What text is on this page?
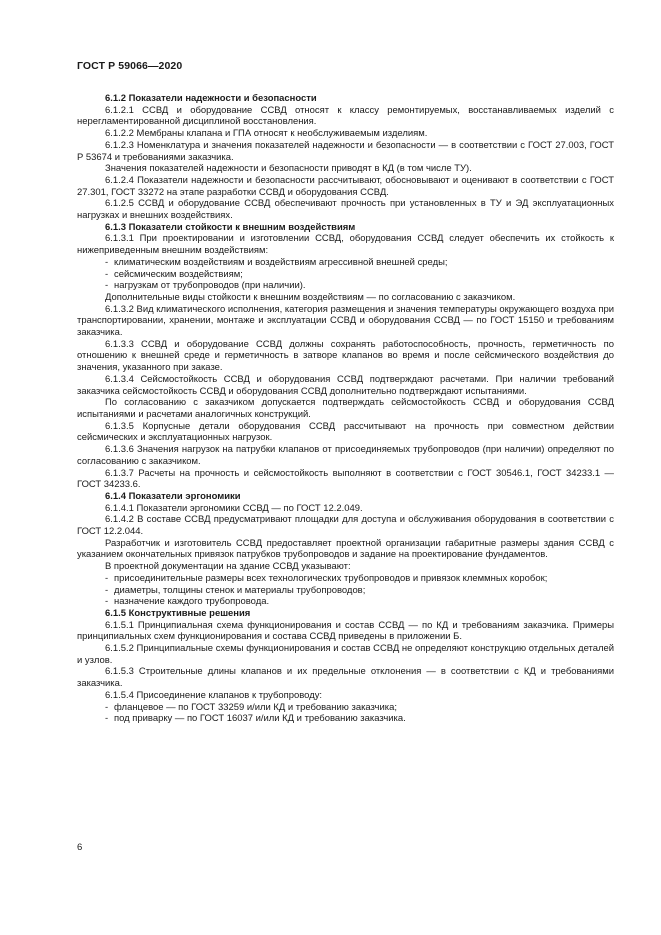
ГОСТ Р 59066—2020

6.1.2 Показатели надежности и безопасности

6.1.2.1 ССВД и оборудование ССВД относят к классу ремонтируемых, восстанавливаемых изделий с нерегламентированной дисциплиной восстановления.

6.1.2.2 Мембраны клапана и ГПА относят к необслуживаемым изделиям.

6.1.2.3 Номенклатура и значения показателей надежности и безопасности — в соответствии с ГОСТ 27.003, ГОСТ Р 53674 и требованиями заказчика.

Значения показателей надежности и безопасности приводят в КД (в том числе ТУ).

6.1.2.4 Показатели надежности и безопасности рассчитывают, обосновывают и оценивают в соответствии с ГОСТ 27.301, ГОСТ 33272 на этапе разработки ССВД и оборудования ССВД.

6.1.2.5 ССВД и оборудование ССВД обеспечивают прочность при установленных в ТУ и ЭД эксплуатационных нагрузках и внешних воздействиях.

6.1.3 Показатели стойкости к внешним воздействиям

6.1.3.1 При проектировании и изготовлении ССВД, оборудования ССВД следует обеспечить их стойкость к нижеприведенным внешним воздействиям:

- климатическим воздействиям и воздействиям агрессивной внешней среды;

- сейсмическим воздействиям;

- нагрузкам от трубопроводов (при наличии).

Дополнительные виды стойкости к внешним воздействиям — по согласованию с заказчиком.

6.1.3.2 Вид климатического исполнения, категория размещения и значения температуры окружающего воздуха при транспортировании, хранении, монтаже и эксплуатации ССВД и оборудования ССВД — по ГОСТ 15150 и требованиям заказчика.

6.1.3.3 ССВД и оборудование ССВД должны сохранять работоспособность, прочность, герметичность по отношению к внешней среде и герметичность в затворе клапанов во время и после сейсмического воздействия до значения, указанного при заказе.

6.1.3.4 Сейсмостойкость ССВД и оборудования ССВД подтверждают расчетами. При наличии требований заказчика сейсмостойкость ССВД и оборудования ССВД дополнительно подтверждают испытаниями.

По согласованию с заказчиком допускается подтверждать сейсмостойкость ССВД и оборудования ССВД испытаниями и расчетами аналогичных конструкций.

6.1.3.5 Корпусные детали оборудования ССВД рассчитывают на прочность при совместном действии сейсмических и эксплуатационных нагрузок.

6.1.3.6 Значения нагрузок на патрубки клапанов от присоединяемых трубопроводов (при наличии) определяют по согласованию с заказчиком.

6.1.3.7 Расчеты на прочность и сейсмостойкость выполняют в соответствии с ГОСТ 30546.1, ГОСТ 34233.1 — ГОСТ 34233.6.

6.1.4 Показатели эргономики

6.1.4.1 Показатели эргономики ССВД — по ГОСТ 12.2.049.

6.1.4.2 В составе ССВД предусматривают площадки для доступа и обслуживания оборудования в соответствии с ГОСТ 12.2.044.

Разработчик и изготовитель ССВД предоставляет проектной организации габаритные размеры здания ССВД с указанием окончательных привязок патрубков трубопроводов и задание на проектирование фундаментов.

В проектной документации на здание ССВД указывают:

- присоединительные размеры всех технологических трубопроводов и привязок клеммных коробок;

- диаметры, толщины стенок и материалы трубопроводов;

- назначение каждого трубопровода.

6.1.5 Конструктивные решения

6.1.5.1 Принципиальная схема функционирования и состав ССВД — по КД и требованиям заказчика. Примеры принципиальных схем функционирования и состава ССВД приведены в приложении Б.

6.1.5.2 Принципиальные схемы функционирования и состав ССВД не определяют конструкцию отдельных деталей и узлов.

6.1.5.3 Строительные длины клапанов и их предельные отклонения — в соответствии с КД и требованиями заказчика.

6.1.5.4 Присоединение клапанов к трубопроводу:

- фланцевое — по ГОСТ 33259 и/или КД и требованию заказчика;

- под приварку — по ГОСТ 16037 и/или КД и требованию заказчика.

6
